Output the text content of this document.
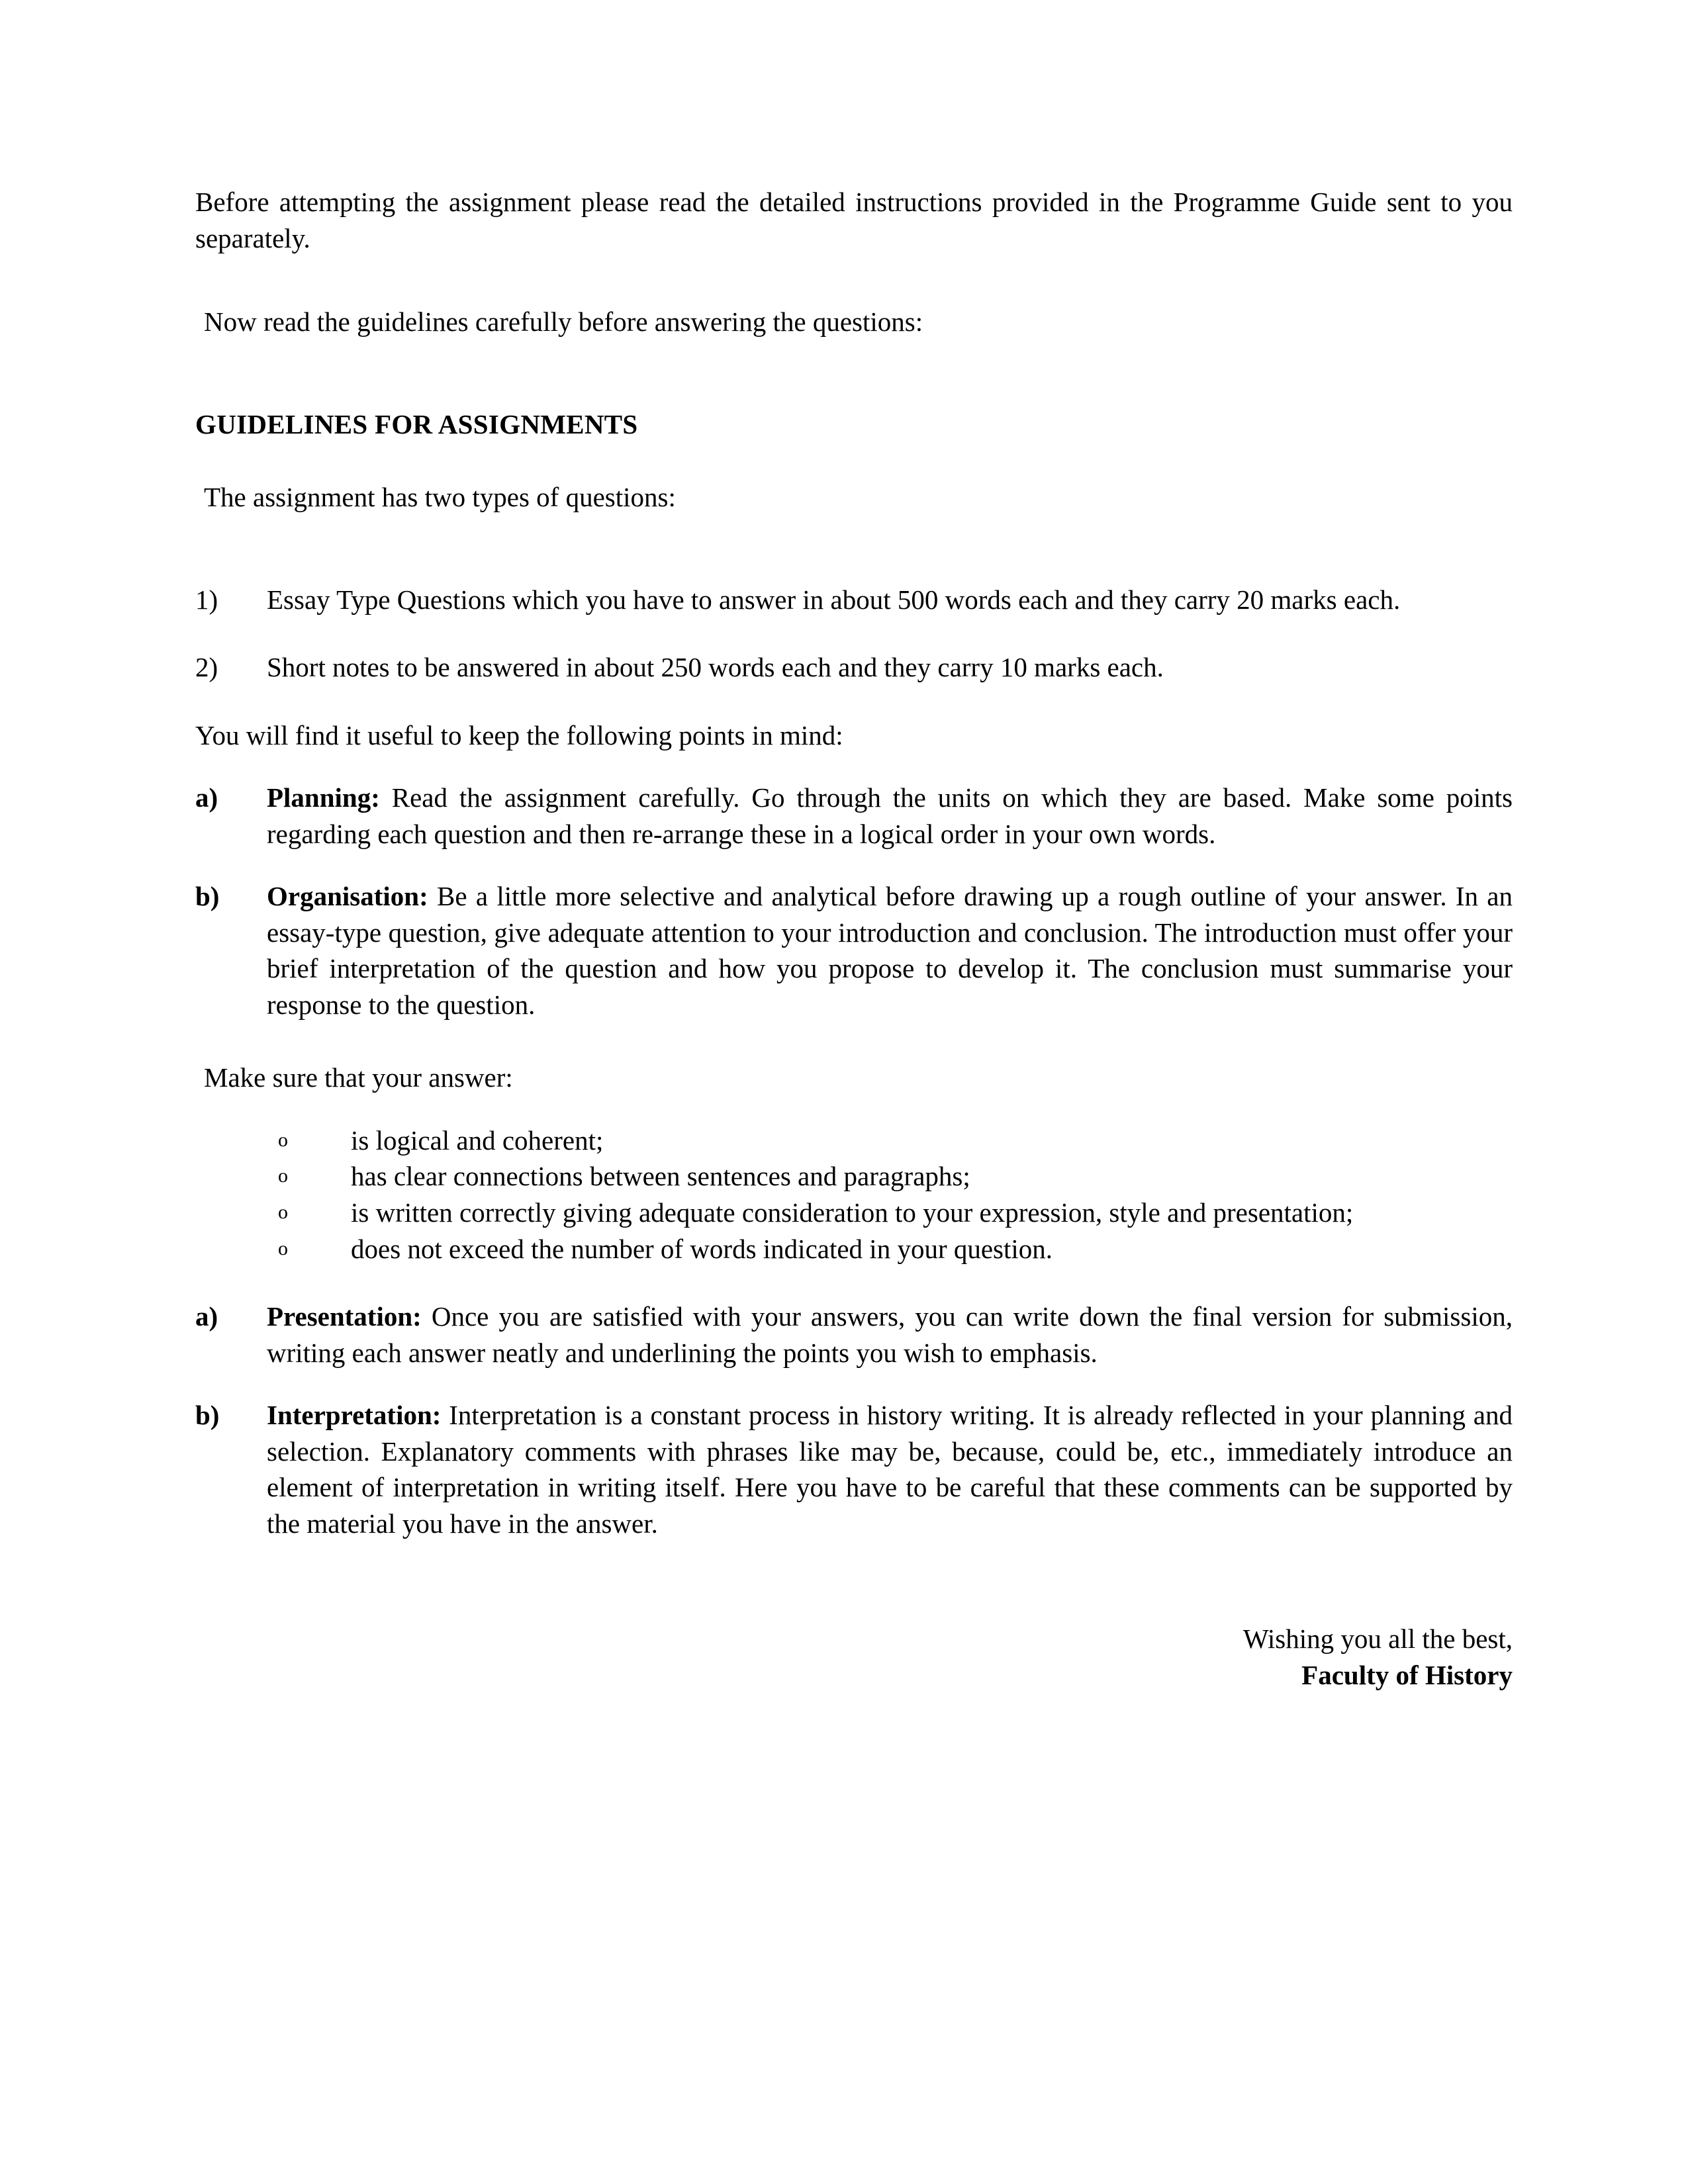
Before attempting the assignment please read the detailed instructions provided in the Programme Guide sent to you separately.

Now read the guidelines carefully before answering the questions:

GUIDELINES FOR ASSIGNMENTS

The assignment has two types of questions:

1)	Essay Type Questions which you have to answer in about 500 words each and they carry 20 marks each.
2)	Short notes to be answered in about 250 words each and they carry 10 marks each.

You will find it useful to keep the following points in mind:

a)	Planning: Read the assignment carefully. Go through the units on which they are based. Make some points regarding each question and then re-arrange these in a logical order in your own words.
b)	Organisation: Be a little more selective and analytical before drawing up a rough outline of your answer. In an essay-type question, give adequate attention to your introduction and conclusion. The introduction must offer your brief interpretation of the question and how you propose to develop it. The conclusion must summarise your response to the question.

Make sure that your answer:

o	is logical and coherent;
o	has clear connections between sentences and paragraphs;
o	is written correctly giving adequate consideration to your expression, style and presentation;
o	does not exceed the number of words indicated in your question.
a)	Presentation: Once you are satisfied with your answers, you can write down the final version for submission, writing each answer neatly and underlining the points you wish to emphasis.
b)	Interpretation: Interpretation is a constant process in history writing. It is already reflected in your planning and selection. Explanatory comments with phrases like may be, because, could be, etc., immediately introduce an element of interpretation in writing itself. Here you have to be careful that these comments can be supported by the material you have in the answer.

Wishing you all the best,

Faculty of History
